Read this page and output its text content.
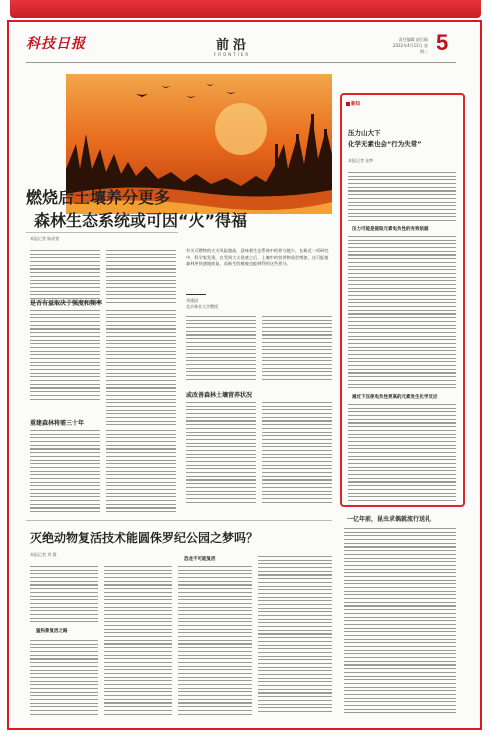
科技日报	前沿
FRONTIER
责任编辑 最后稿
2022年4月12日 星期二 5
燃烧后土壤养分更多
森林生态系统或可因“火”得福
本报记者 陆成宽
有关可燃物的火灾风险越高，意味着生态系统中的养分越少。在新近一项研究中，科学家发现，在受到大火侵袭之后，土壤中的营养物质会增加，这可能使森林更快速地恢复，而新生的植被也能够利用这些养分。
刘建国
北京林业大学教授
是否有益取决于强度和频率
或改善森林土壤营养状况
重建森林将需三十年
新知
压力山大下
化学无素也会“行为失常”
本报记者 张梦
压力可能是提取元素电负性的有效依据
通过下压使电负性更高的元素发生化学反应
一亿年前，昆虫求偶就流行送礼
灭绝动物复活技术能圆侏罗纪公园之梦吗？
本报记者 刘 霞
猛犸象复活之路
恐龙不可能复活
